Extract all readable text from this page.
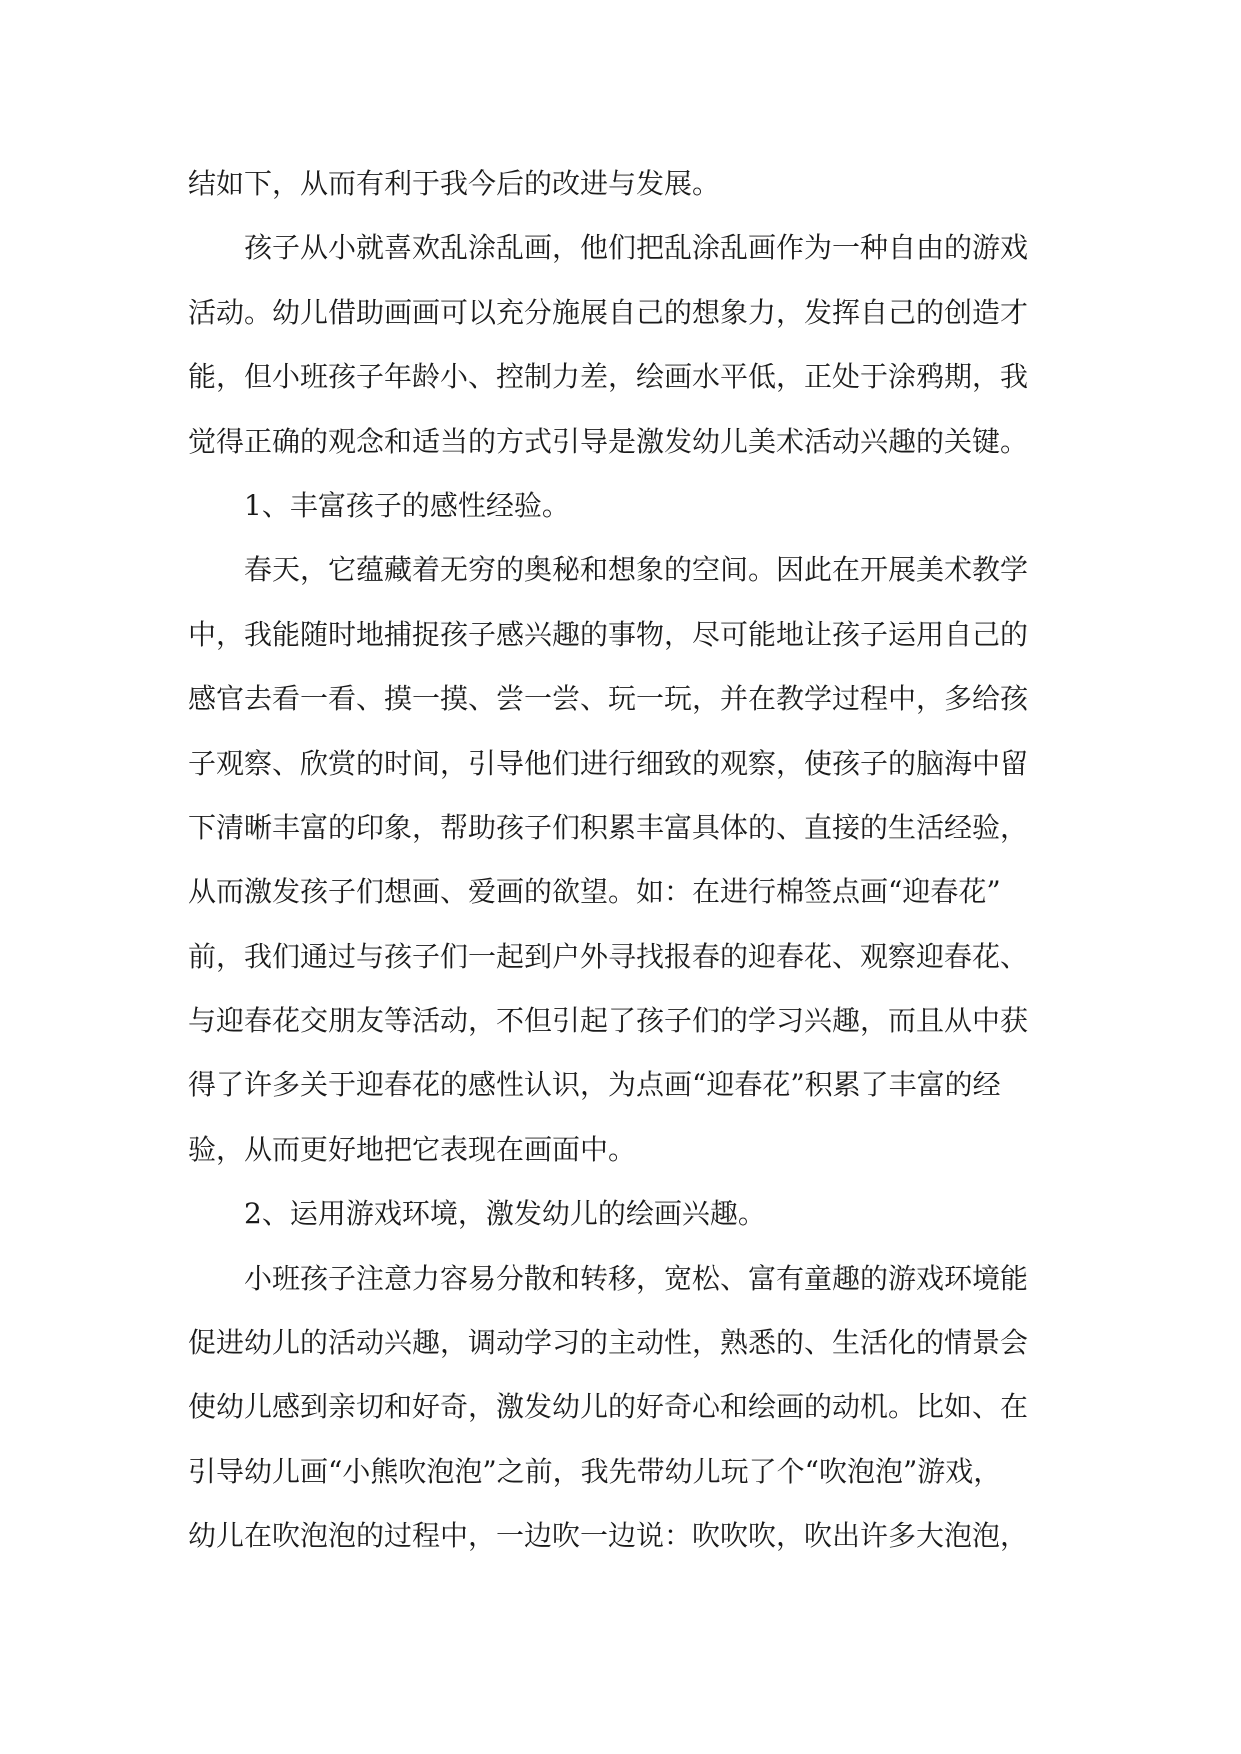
结如下，从而有利于我今后的改进与发展。
孩子从小就喜欢乱涂乱画，他们把乱涂乱画作为一种自由的游戏
活动。幼儿借助画画可以充分施展自己的想象力，发挥自己的创造才
能，但小班孩子年龄小、控制力差，绘画水平低，正处于涂鸦期，我
觉得正确的观念和适当的方式引导是激发幼儿美术活动兴趣的关键。
1、丰富孩子的感性经验。
春天，它蕴藏着无穷的奥秘和想象的空间。因此在开展美术教学
中，我能随时地捕捉孩子感兴趣的事物，尽可能地让孩子运用自己的
感官去看一看、摸一摸、尝一尝、玩一玩，并在教学过程中，多给孩
子观察、欣赏的时间，引导他们进行细致的观察，使孩子的脑海中留
下清晰丰富的印象，帮助孩子们积累丰富具体的、直接的生活经验，
从而激发孩子们想画、爱画的欲望。如：在进行棉签点画“迎春花”
前，我们通过与孩子们一起到户外寻找报春的迎春花、观察迎春花、
与迎春花交朋友等活动，不但引起了孩子们的学习兴趣，而且从中获
得了许多关于迎春花的感性认识，为点画“迎春花”积累了丰富的经
验，从而更好地把它表现在画面中。
2、运用游戏环境，激发幼儿的绘画兴趣。
小班孩子注意力容易分散和转移，宽松、富有童趣的游戏环境能
促进幼儿的活动兴趣，调动学习的主动性，熟悉的、生活化的情景会
使幼儿感到亲切和好奇，激发幼儿的好奇心和绘画的动机。比如、在
引导幼儿画“小熊吹泡泡”之前，我先带幼儿玩了个“吹泡泡”游戏，
幼儿在吹泡泡的过程中，一边吹一边说：吹吹吹，吹出许多大泡泡，
